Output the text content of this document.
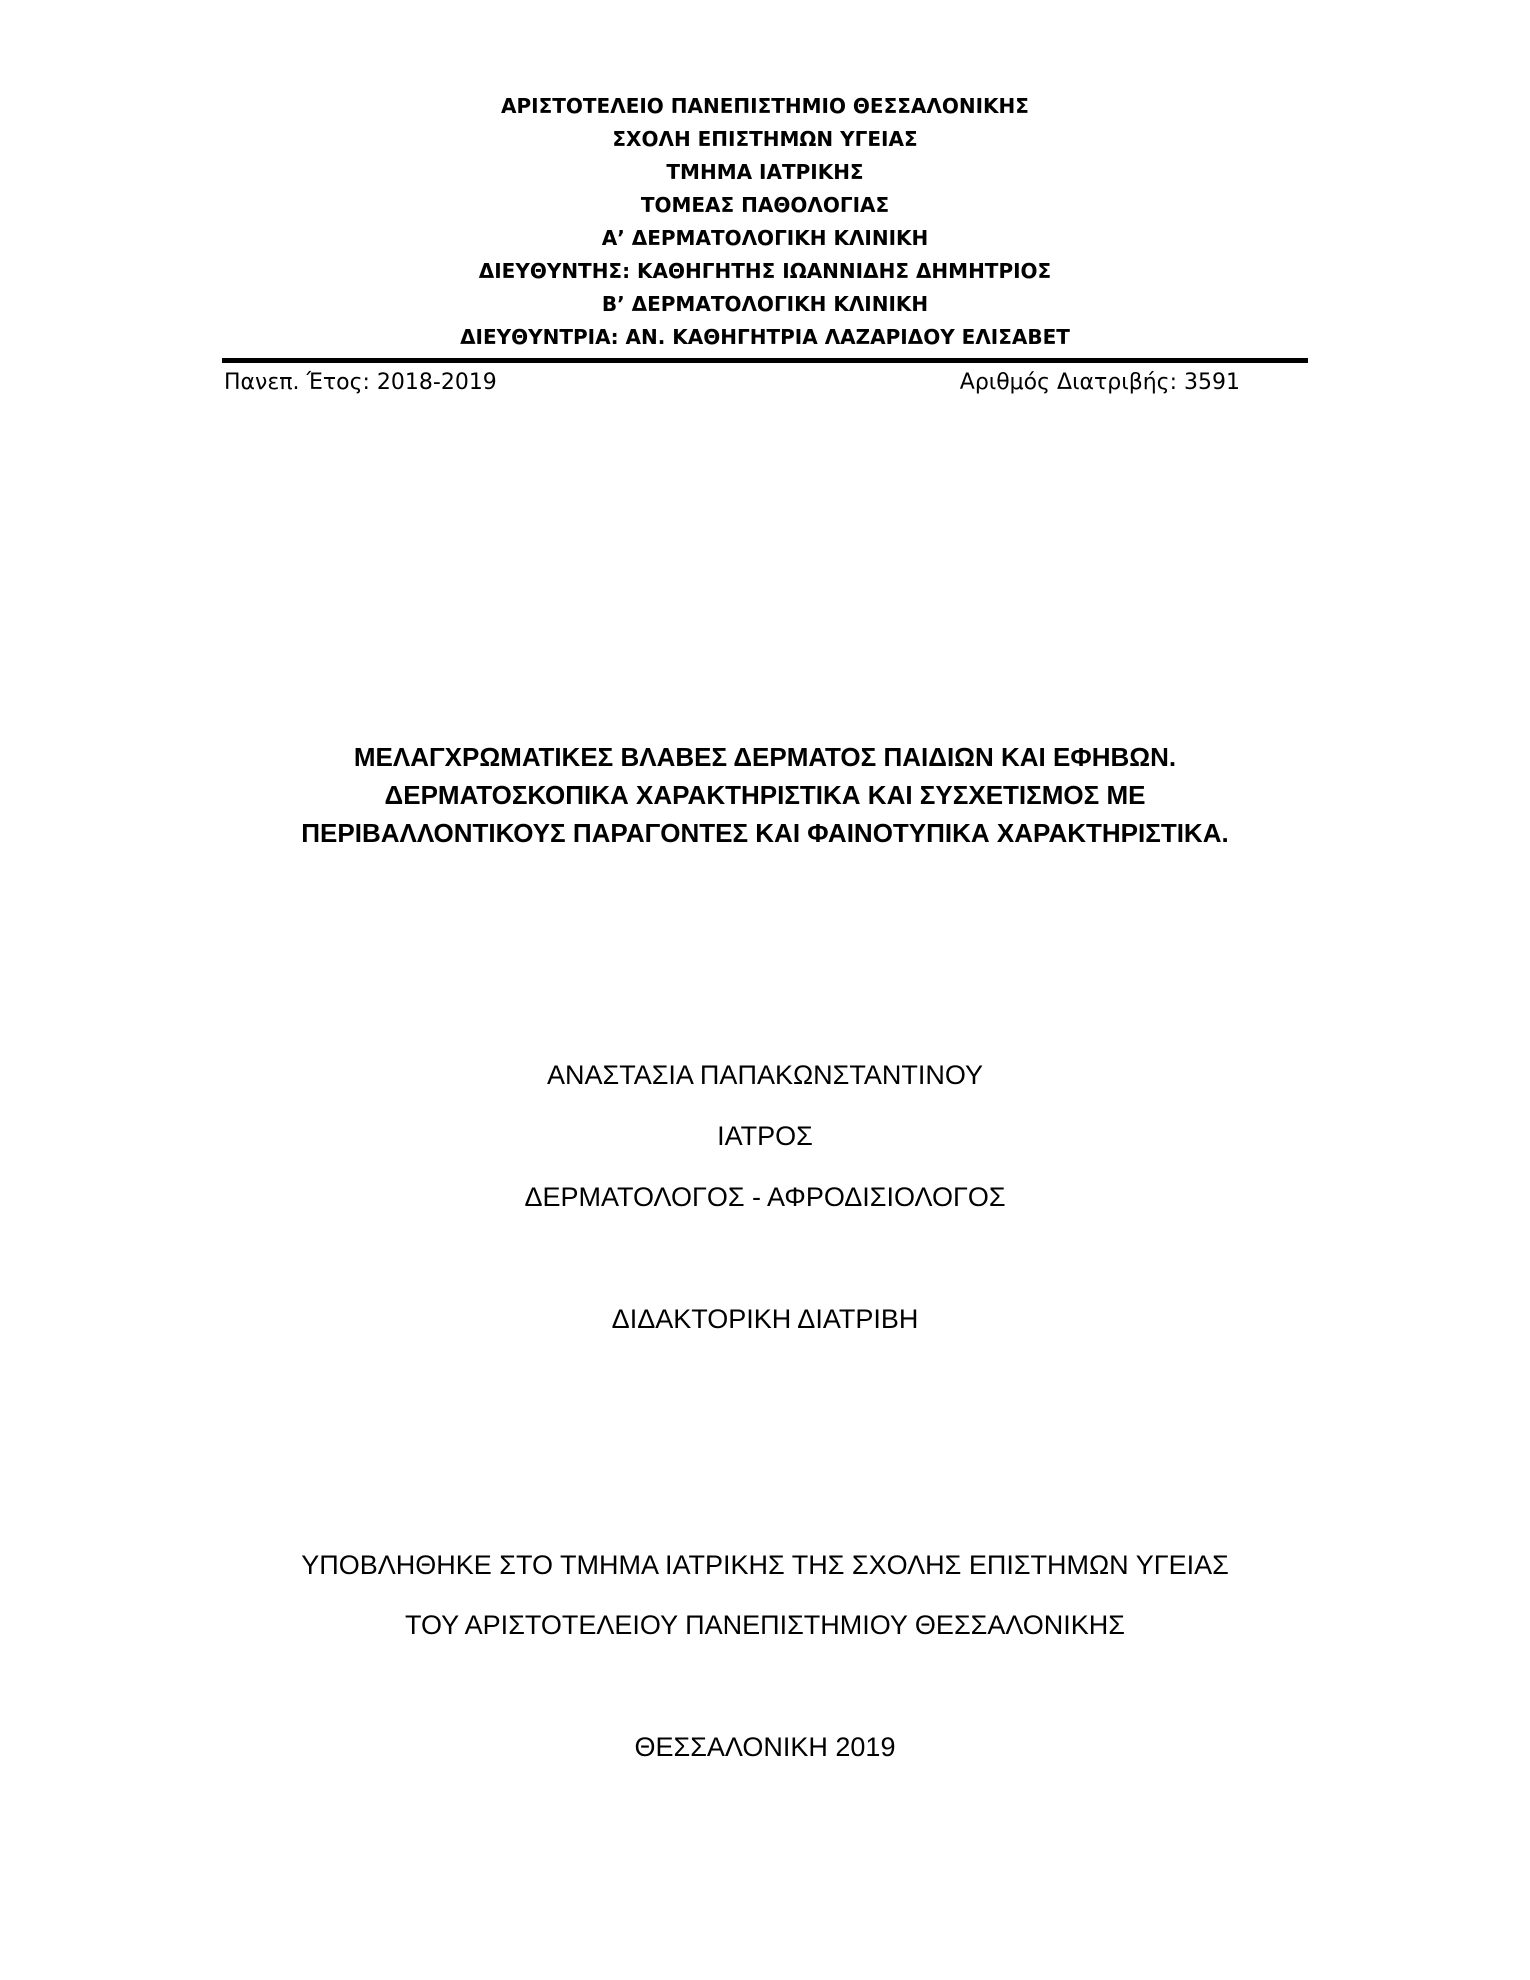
ΑΡΙΣΤΟΤΕΛΕΙΟ ΠΑΝΕΠΙΣΤΗΜΙΟ ΘΕΣΣΑΛΟΝΙΚΗΣ
ΣΧΟΛΗ ΕΠΙΣΤΗΜΩΝ ΥΓΕΙΑΣ
ΤΜΗΜΑ ΙΑΤΡΙΚΗΣ
ΤΟΜΕΑΣ ΠΑΘΟΛΟΓΙΑΣ
Α’ ΔΕΡΜΑΤΟΛΟΓΙΚΗ ΚΛΙΝΙΚΗ
ΔΙΕΥΘΥΝΤΗΣ: ΚΑΘΗΓΗΤΗΣ ΙΩΑΝΝΙΔΗΣ ΔΗΜΗΤΡΙΟΣ
Β’ ΔΕΡΜΑΤΟΛΟΓΙΚΗ ΚΛΙΝΙΚΗ
ΔΙΕΥΘΥΝΤΡΙΑ: ΑΝ. ΚΑΘΗΓΗΤΡΙΑ ΛΑΖΑΡΙΔΟΥ ΕΛΙΣΑΒΕΤ
Πανεπ. Έτος: 2018-2019	Αριθμός Διατριβής: 3591
ΜΕΛΑΓΧΡΩΜΑΤΙΚΕΣ ΒΛΑΒΕΣ ΔΕΡΜΑΤΟΣ ΠΑΙΔΙΩΝ ΚΑΙ ΕΦΗΒΩΝ.
ΔΕΡΜΑΤΟΣΚΟΠΙΚΑ ΧΑΡΑΚΤΗΡΙΣΤΙΚΑ ΚΑΙ ΣΥΣΧΕΤΙΣΜΟΣ ΜΕ
ΠΕΡΙΒΑΛΛΟΝΤΙΚΟΥΣ ΠΑΡΑΓΟΝΤΕΣ ΚΑΙ ΦΑΙΝΟΤΥΠΙΚΑ ΧΑΡΑΚΤΗΡΙΣΤΙΚΑ.
ΑΝΑΣΤΑΣΙΑ ΠΑΠΑΚΩΝΣΤΑΝΤΙΝΟΥ
ΙΑΤΡΟΣ
ΔΕΡΜΑΤΟΛΟΓΟΣ - ΑΦΡΟΔΙΣΙΟΛΟΓΟΣ
ΔΙΔΑΚΤΟΡΙΚΗ ΔΙΑΤΡΙΒΗ
ΥΠΟΒΛΗΘΗΚΕ ΣΤΟ ΤΜΗΜΑ ΙΑΤΡΙΚΗΣ ΤΗΣ ΣΧΟΛΗΣ ΕΠΙΣΤΗΜΩΝ ΥΓΕΙΑΣ
ΤΟΥ ΑΡΙΣΤΟΤΕΛΕΙΟΥ ΠΑΝΕΠΙΣΤΗΜΙΟΥ ΘΕΣΣΑΛΟΝΙΚΗΣ
ΘΕΣΣΑΛΟΝΙΚΗ 2019
